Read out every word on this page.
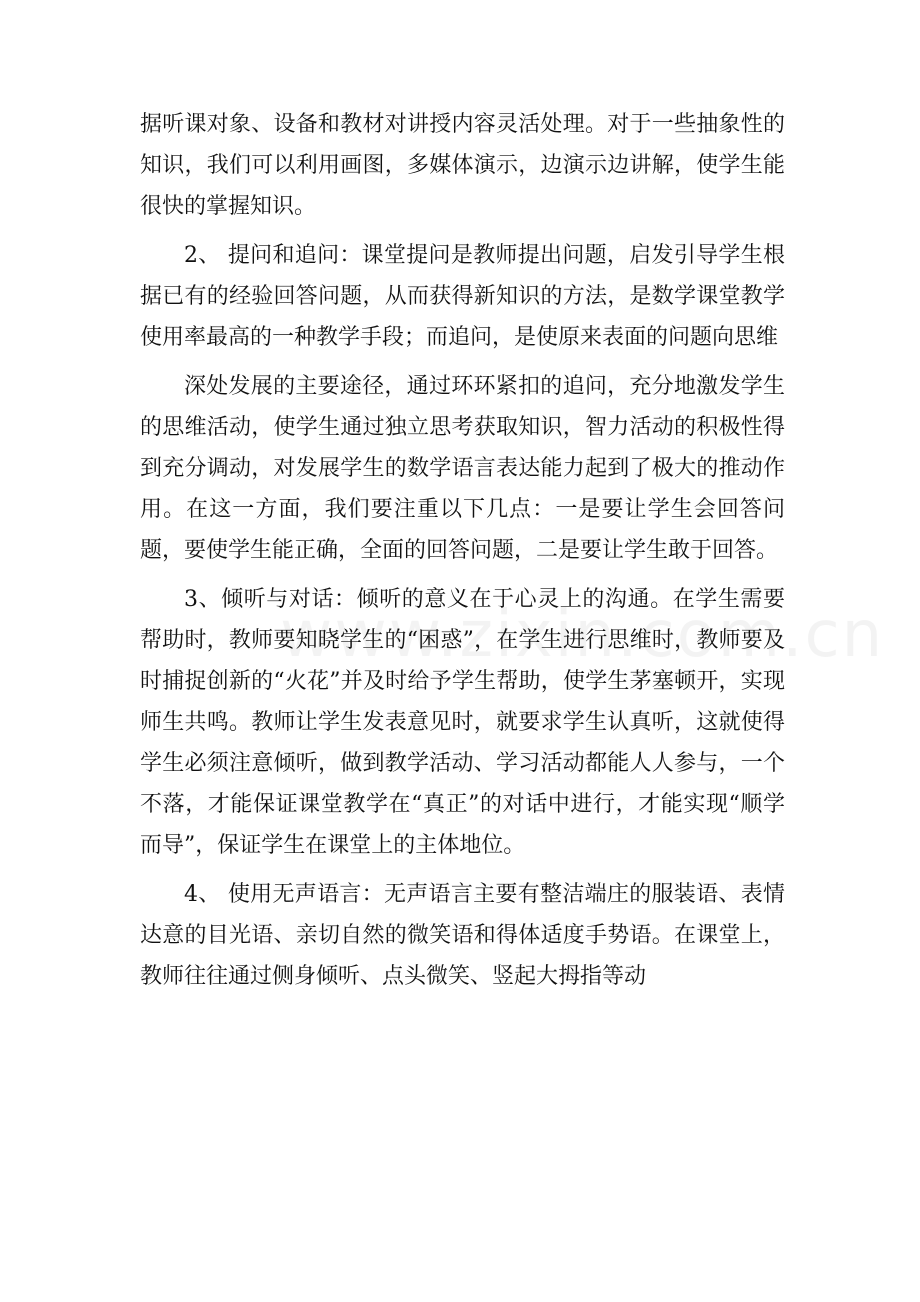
据听课对象、设备和教材对讲授内容灵活处理。对于一些抽象性的知识，我们可以利用画图，多媒体演示，边演示边讲解，使学生能很快的掌握知识。

2、 提问和追问：课堂提问是教师提出问题，启发引导学生根据已有的经验回答问题，从而获得新知识的方法，是数学课堂教学使用率最高的一种教学手段；而追问，是使原来表面的问题向思维

深处发展的主要途径，通过环环紧扣的追问，充分地激发学生的思维活动，使学生通过独立思考获取知识，智力活动的积极性得到充分调动，对发展学生的数学语言表达能力起到了极大的推动作用。在这一方面，我们要注重以下几点：一是要让学生会回答问题，要使学生能正确，全面的回答问题，二是要让学生敢于回答。

3、倾听与对话：倾听的意义在于心灵上的沟通。在学生需要帮助时，教师要知晓学生的“困惑”，在学生进行思维时，教师要及时捕捉创新的“火花”并及时给予学生帮助，使学生茅塞顿开，实现师生共鸣。教师让学生发表意见时，就要求学生认真听，这就使得学生必须注意倾听，做到教学活动、学习活动都能人人参与，一个不落，才能保证课堂教学在“真正”的对话中进行，才能实现“顺学而导”，保证学生在课堂上的主体地位。

4、 使用无声语言：无声语言主要有整洁端庄的服装语、表情达意的目光语、亲切自然的微笑语和得体适度手势语。在课堂上，教师往往通过侧身倾听、点头微笑、竖起大拇指等动
